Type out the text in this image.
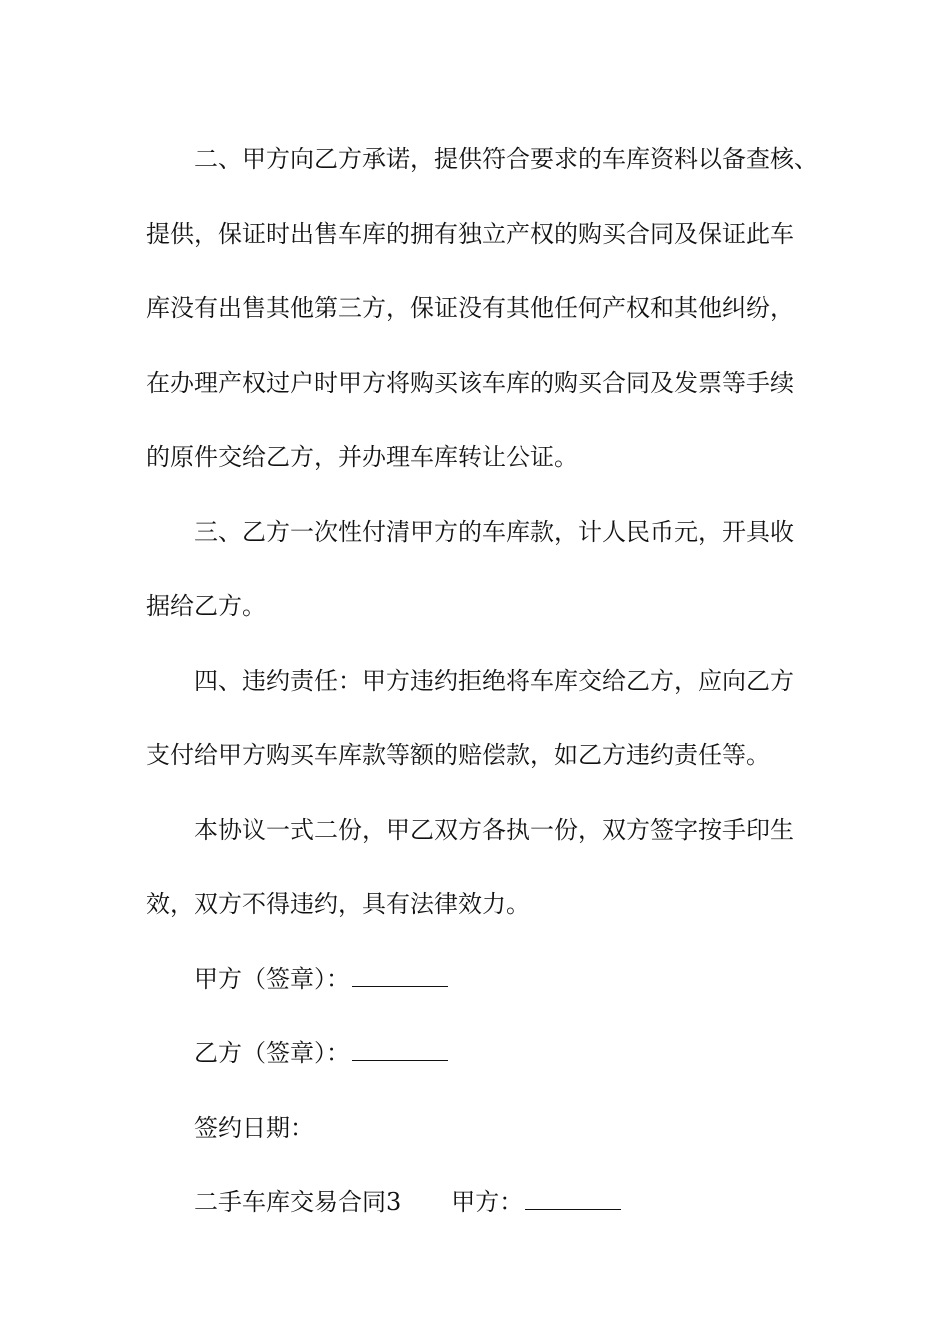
二、甲方向乙方承诺，提供符合要求的车库资料以备查核、
提供，保证时出售车库的拥有独立产权的购买合同及保证此车
库没有出售其他第三方，保证没有其他任何产权和其他纠纷，
在办理产权过户时甲方将购买该车库的购买合同及发票等手续
的原件交给乙方，并办理车库转让公证。
三、乙方一次性付清甲方的车库款，计人民币元，开具收
据给乙方。
四、违约责任：甲方违约拒绝将车库交给乙方，应向乙方
支付给甲方购买车库款等额的赔偿款，如乙方违约责任等。
本协议一式二份，甲乙双方各执一份，双方签字按手印生
效，双方不得违约，具有法律效力。
甲方（签章）：
乙方（签章）：
签约日期：
二手车库交易合同3 甲方：
